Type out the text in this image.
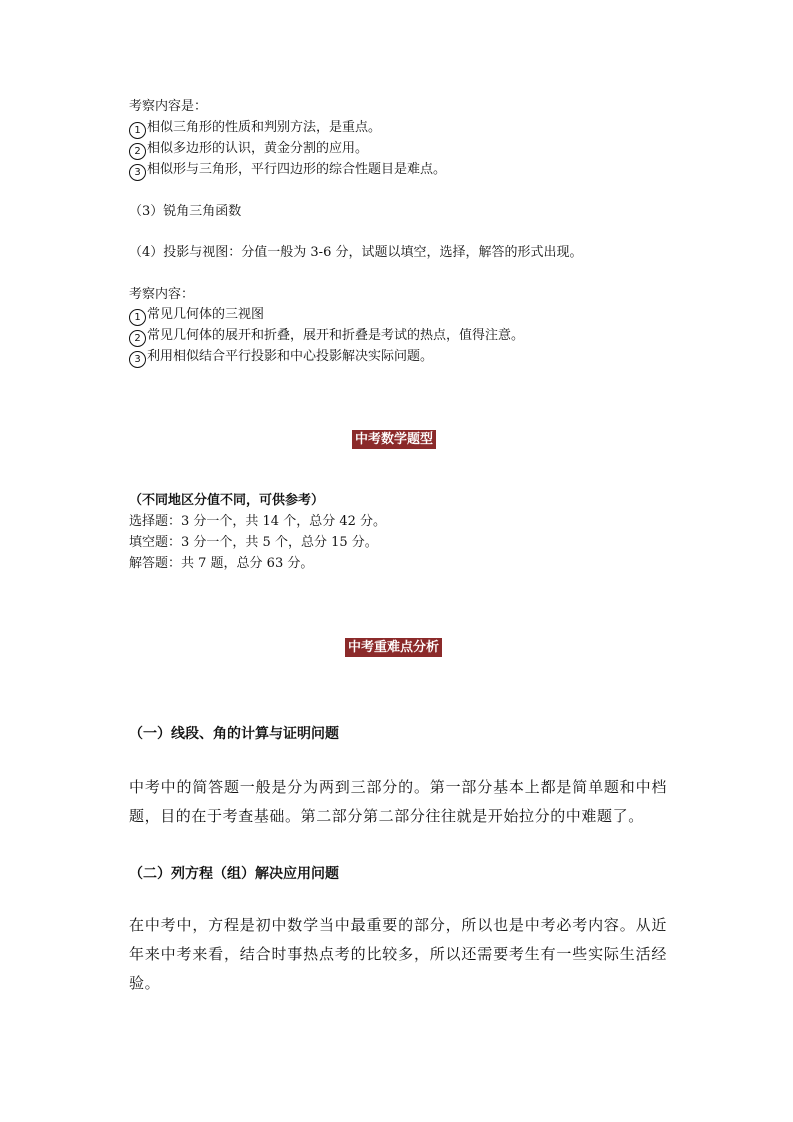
考察内容是：
1 相似三角形的性质和判别方法，是重点。
2 相似多边形的认识，黄金分割的应用。
3 相似形与三角形，平行四边形的综合性题目是难点。
（3）锐角三角函数
（4）投影与视图：分值一般为 3-6 分，试题以填空，选择，解答的形式出现。
考察内容：
1 常见几何体的三视图
2 常见几何体的展开和折叠，展开和折叠是考试的热点，值得注意。
3 利用相似结合平行投影和中心投影解决实际问题。
中考数学题型
（不同地区分值不同，可供参考）
选择题：3 分一个，共 14 个，总分 42 分。
填空题：3 分一个，共 5 个，总分 15 分。
解答题：共 7 题，总分 63 分。
中考重难点分析
（一）线段、角的计算与证明问题
中考中的简答题一般是分为两到三部分的。第一部分基本上都是简单题和中档题，目的在于考查基础。第二部分第二部分往往就是开始拉分的中难题了。
（二）列方程（组）解决应用问题
在中考中，方程是初中数学当中最重要的部分，所以也是中考必考内容。从近年来中考来看，结合时事热点考的比较多，所以还需要考生有一些实际生活经验。
